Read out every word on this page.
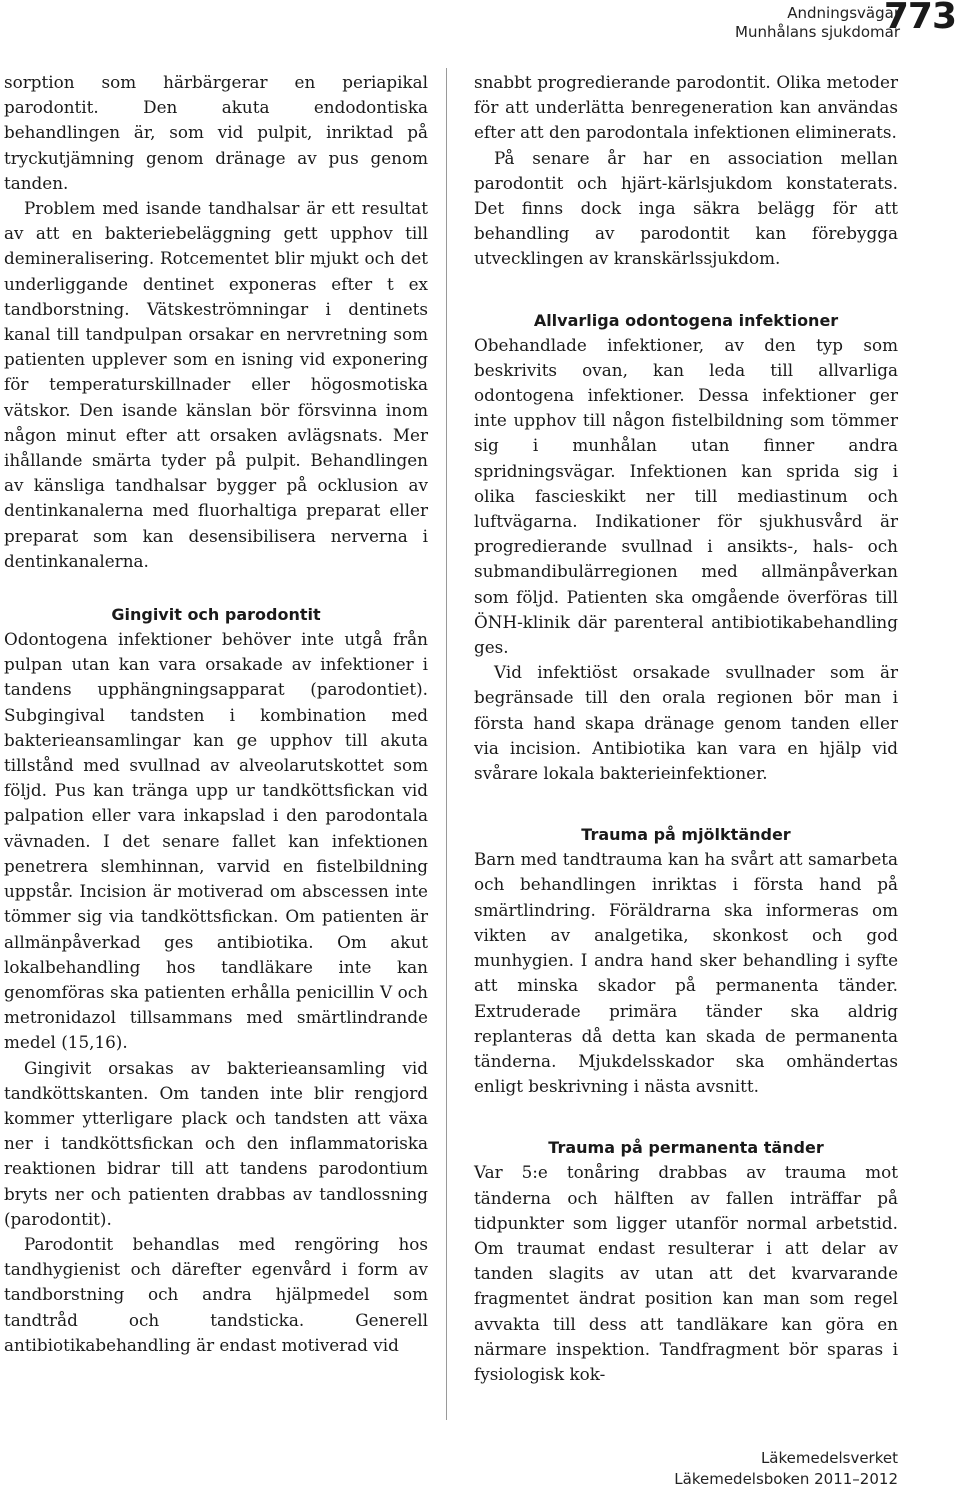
Andningsvägar
Munhålans sjukdomar
773

sorption som härbärgerar en periapikal parodontit. Den akuta endodontiska behandlingen är, som vid pulpit, inriktad på tryckutjämning genom dränage av pus genom tanden.

Problem med isande tandhalsar är ett resultat av att en bakteriebeläggning gett upphov till demineralisering. Rotcementet blir mjukt och det underliggande dentinet exponeras efter t ex tandborstning. Vätskeströmningar i dentinets kanal till tandpulpan orsakar en nervretning som patienten upplever som en isning vid exponering för temperaturskillnader eller högosmotiska vätskor. Den isande känslan bör försvinna inom någon minut efter att orsaken avlägsnats. Mer ihållande smärta tyder på pulpit. Behandlingen av känsliga tandhalsar bygger på ocklusion av dentinkanalerna med fluorhaltiga preparat eller preparat som kan desensibilisera nerverna i dentinkanalerna.

Gingivit och parodontit

Odontogena infektioner behöver inte utgå från pulpan utan kan vara orsakade av infektioner i tandens upphängningsapparat (parodontiet). Subgingival tandsten i kombination med bakterieansamlingar kan ge upphov till akuta tillstånd med svullnad av alveolarutskottet som följd. Pus kan tränga upp ur tandköttsfickan vid palpation eller vara inkapslad i den parodontala vävnaden. I det senare fallet kan infektionen penetrera slemhinnan, varvid en fistelbildning uppstår. Incision är motiverad om abscessen inte tömmer sig via tandköttsfickan. Om patienten är allmänpåverkad ges antibiotika. Om akut lokalbehandling hos tandläkare inte kan genomföras ska patienten erhålla penicillin V och metronidazol tillsammans med smärtlindrande medel (15,16).

Gingivit orsakas av bakterieansamling vid tandköttskanten. Om tanden inte blir rengjord kommer ytterligare plack och tandsten att växa ner i tandköttsfickan och den inflammatoriska reaktionen bidrar till att tandens parodontium bryts ner och patienten drabbas av tandlossning (parodontit).

Parodontit behandlas med rengöring hos tandhygienist och därefter egenvård i form av tandborstning och andra hjälpmedel som tandtråd och tandsticka. Generell antibiotikabehandling är endast motiverad vid

snabbt progredierande parodontit. Olika metoder för att underlätta benregeneration kan användas efter att den parodontala infektionen eliminerats.

På senare år har en association mellan parodontit och hjärt-kärlsjukdom konstaterats. Det finns dock inga säkra belägg för att behandling av parodontit kan förebygga utvecklingen av kranskärlssjukdom.

Allvarliga odontogena infektioner

Obehandlade infektioner, av den typ som beskrivits ovan, kan leda till allvarliga odontogena infektioner. Dessa infektioner ger inte upphov till någon fistelbildning som tömmer sig i munhålan utan finner andra spridningsvägar. Infektionen kan sprida sig i olika fascieskikt ner till mediastinum och luftvägarna. Indikationer för sjukhusvård är progredierande svullnad i ansikts-, hals- och submandibulärregionen med allmänpåverkan som följd. Patienten ska omgående överföras till ÖNH-klinik där parenteral antibiotikabehandling ges.

Vid infektiöst orsakade svullnader som är begränsade till den orala regionen bör man i första hand skapa dränage genom tanden eller via incision. Antibiotika kan vara en hjälp vid svårare lokala bakterieinfektioner.

Trauma på mjölktänder

Barn med tandtrauma kan ha svårt att samarbeta och behandlingen inriktas i första hand på smärtlindring. Föräldrarna ska informeras om vikten av analgetika, skonkost och god munhygien. I andra hand sker behandling i syfte att minska skador på permanenta tänder. Extruderade primära tänder ska aldrig replanteras då detta kan skada de permanenta tänderna. Mjukdelsskador ska omhändertas enligt beskrivning i nästa avsnitt.

Trauma på permanenta tänder

Var 5:e tonåring drabbas av trauma mot tänderna och hälften av fallen inträffar på tidpunkter som ligger utanför normal arbetstid. Om traumat endast resulterar i att delar av tanden slagits av utan att det kvarvarande fragmentet ändrat position kan man som regel avvakta till dess att tandläkare kan göra en närmare inspektion. Tandfragment bör sparas i fysiologisk kok-

Läkemedelsverket
Läkemedelsboken 2011–2012
